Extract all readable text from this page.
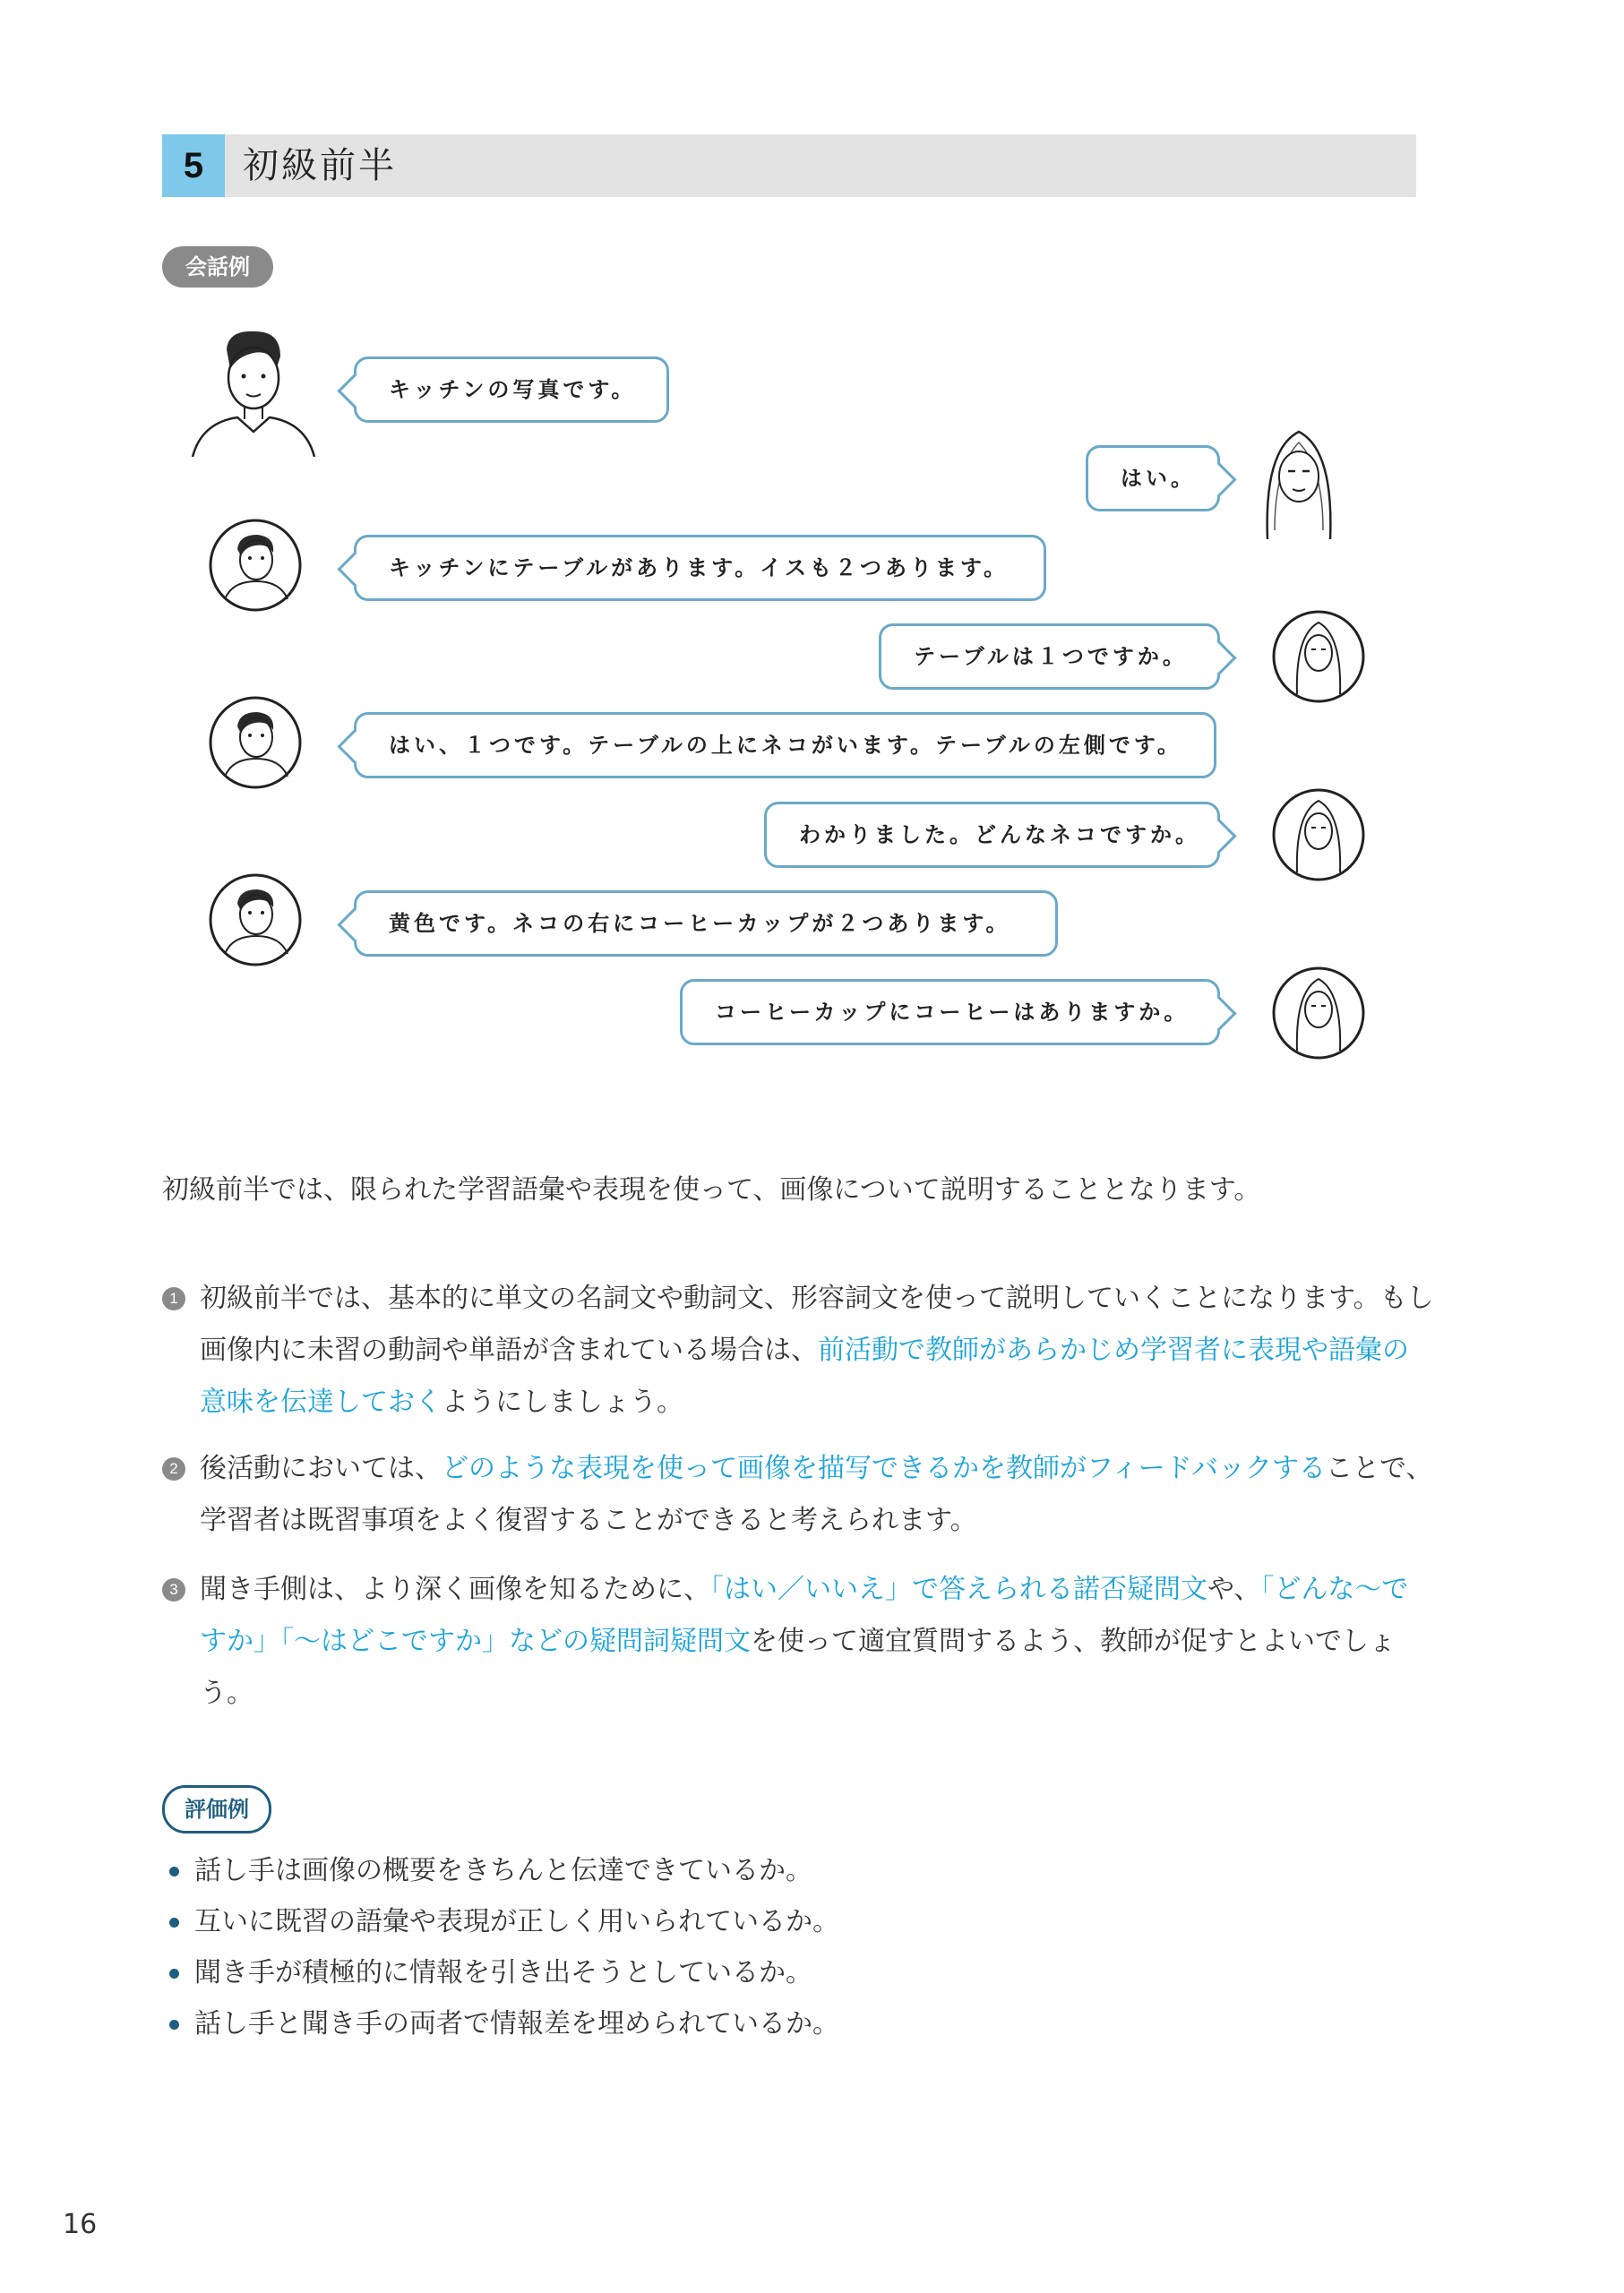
5	初級前半
会話例
キッチンの写真です。
はい。
キッチンにテーブルがあります。イスも２つあります。
テーブルは１つですか。
はい、１つです。テーブルの上にネコがいます。テーブルの左側です。
わかりました。どんなネコですか。
黄色です。ネコの右にコーヒーカップが２つあります。
コーヒーカップにコーヒーはありますか。
初級前半では、限られた学習語彙や表現を使って、画像について説明することとなります。
1 初級前半では、基本的に単文の名詞文や動詞文、形容詞文を使って説明していくことになります。もし画像内に未習の動詞や単語が含まれている場合は、前活動で教師があらかじめ学習者に表現や語彙の意味を伝達しておくようにしましょう。
2 後活動においては、どのような表現を使って画像を描写できるかを教師がフィードバックすることで、学習者は既習事項をよく復習することができると考えられます。
3 聞き手側は、より深く画像を知るために、「はい／いいえ」で答えられる諾否疑問文や、「どんな〜ですか」「〜はどこですか」などの疑問詞疑問文を使って適宜質問するよう、教師が促すとよいでしょう。
評価例
話し手は画像の概要をきちんと伝達できているか。
互いに既習の語彙や表現が正しく用いられているか。
聞き手が積極的に情報を引き出そうとしているか。
話し手と聞き手の両者で情報差を埋められているか。
16
